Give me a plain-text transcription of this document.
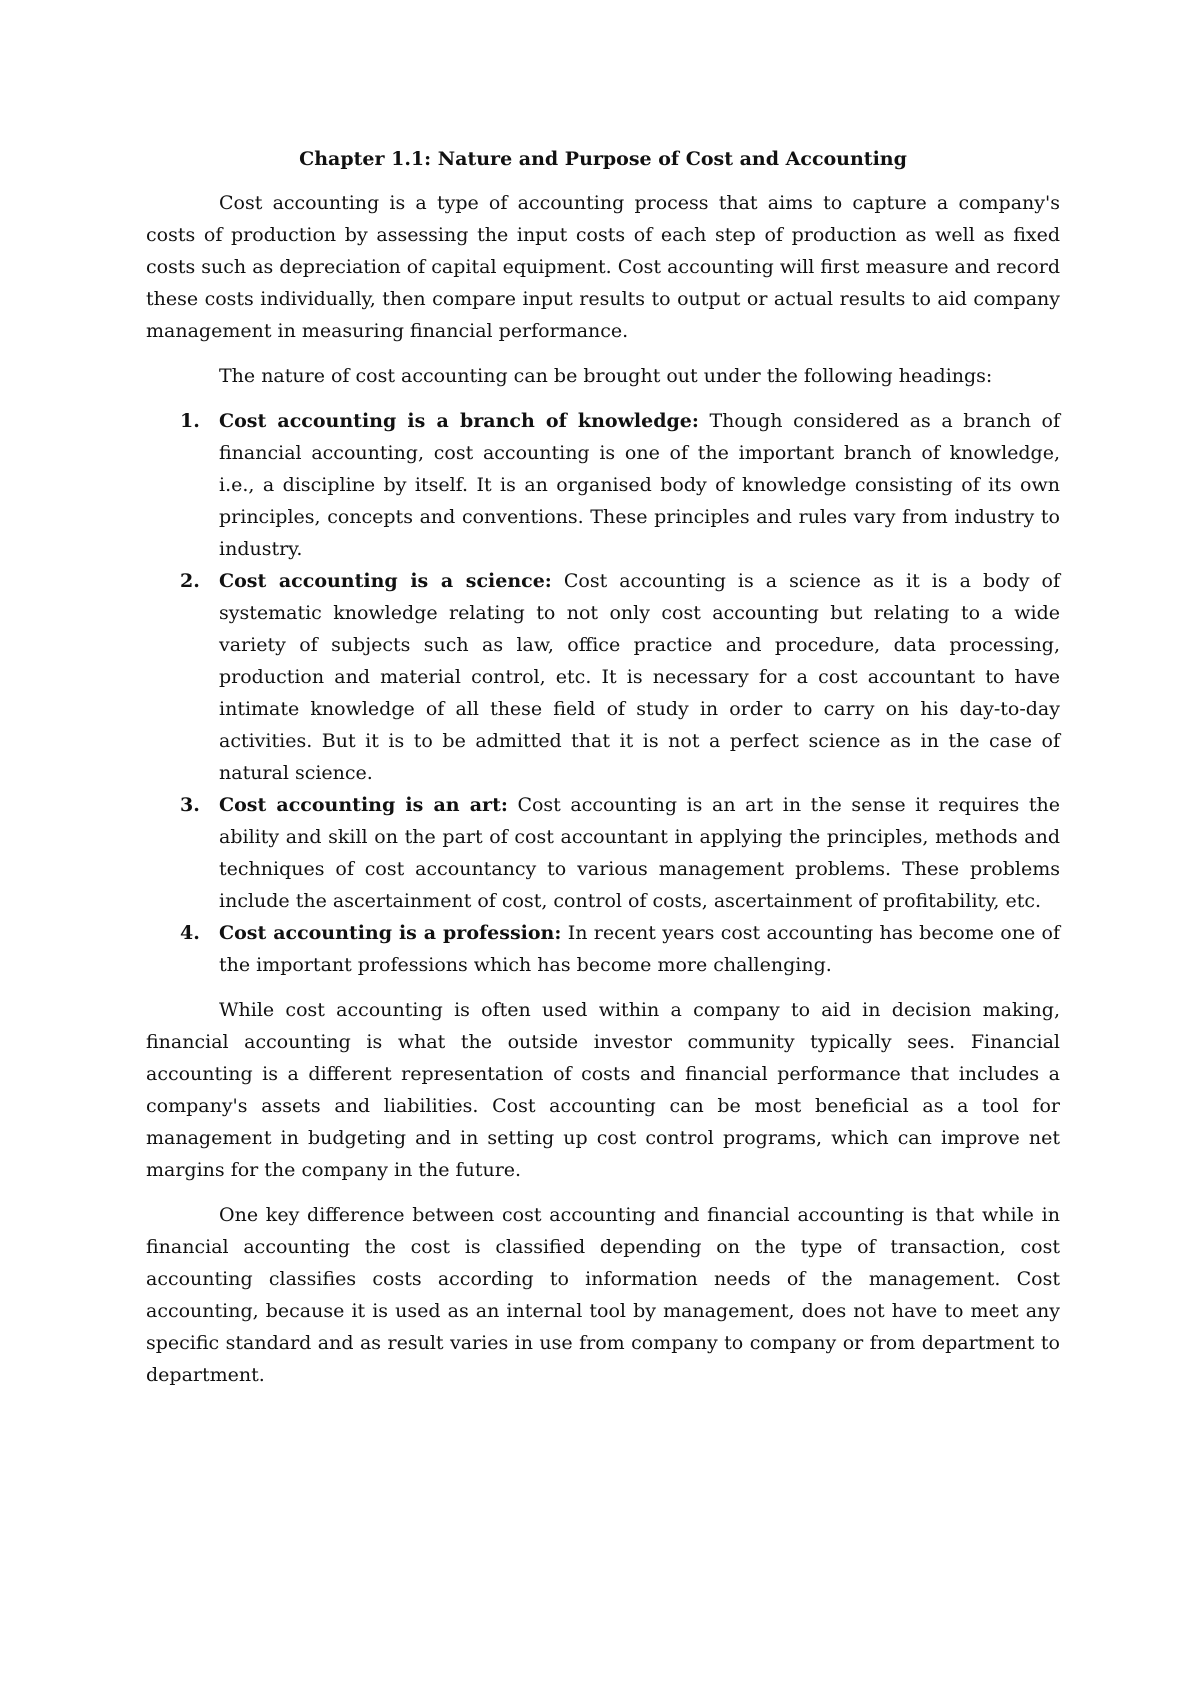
Chapter 1.1: Nature and Purpose of Cost and Accounting

Cost accounting is a type of accounting process that aims to capture a company's costs of production by assessing the input costs of each step of production as well as fixed costs such as depreciation of capital equipment. Cost accounting will first measure and record these costs individually, then compare input results to output or actual results to aid company management in measuring financial performance.

The nature of cost accounting can be brought out under the following headings:

1. Cost accounting is a branch of knowledge: Though considered as a branch of financial accounting, cost accounting is one of the important branch of knowledge, i.e., a discipline by itself. It is an organised body of knowledge consisting of its own principles, concepts and conventions. These principles and rules vary from industry to industry.
2. Cost accounting is a science: Cost accounting is a science as it is a body of systematic knowledge relating to not only cost accounting but relating to a wide variety of subjects such as law, office practice and procedure, data processing, production and material control, etc. It is necessary for a cost accountant to have intimate knowledge of all these field of study in order to carry on his day-to-day activities. But it is to be admitted that it is not a perfect science as in the case of natural science.
3. Cost accounting is an art: Cost accounting is an art in the sense it requires the ability and skill on the part of cost accountant in applying the principles, methods and techniques of cost accountancy to various management problems. These problems include the ascertainment of cost, control of costs, ascertainment of profitability, etc.
4. Cost accounting is a profession: In recent years cost accounting has become one of the important professions which has become more challenging.

While cost accounting is often used within a company to aid in decision making, financial accounting is what the outside investor community typically sees. Financial accounting is a different representation of costs and financial performance that includes a company's assets and liabilities. Cost accounting can be most beneficial as a tool for management in budgeting and in setting up cost control programs, which can improve net margins for the company in the future.

One key difference between cost accounting and financial accounting is that while in financial accounting the cost is classified depending on the type of transaction, cost accounting classifies costs according to information needs of the management. Cost accounting, because it is used as an internal tool by management, does not have to meet any specific standard and as result varies in use from company to company or from department to department.
